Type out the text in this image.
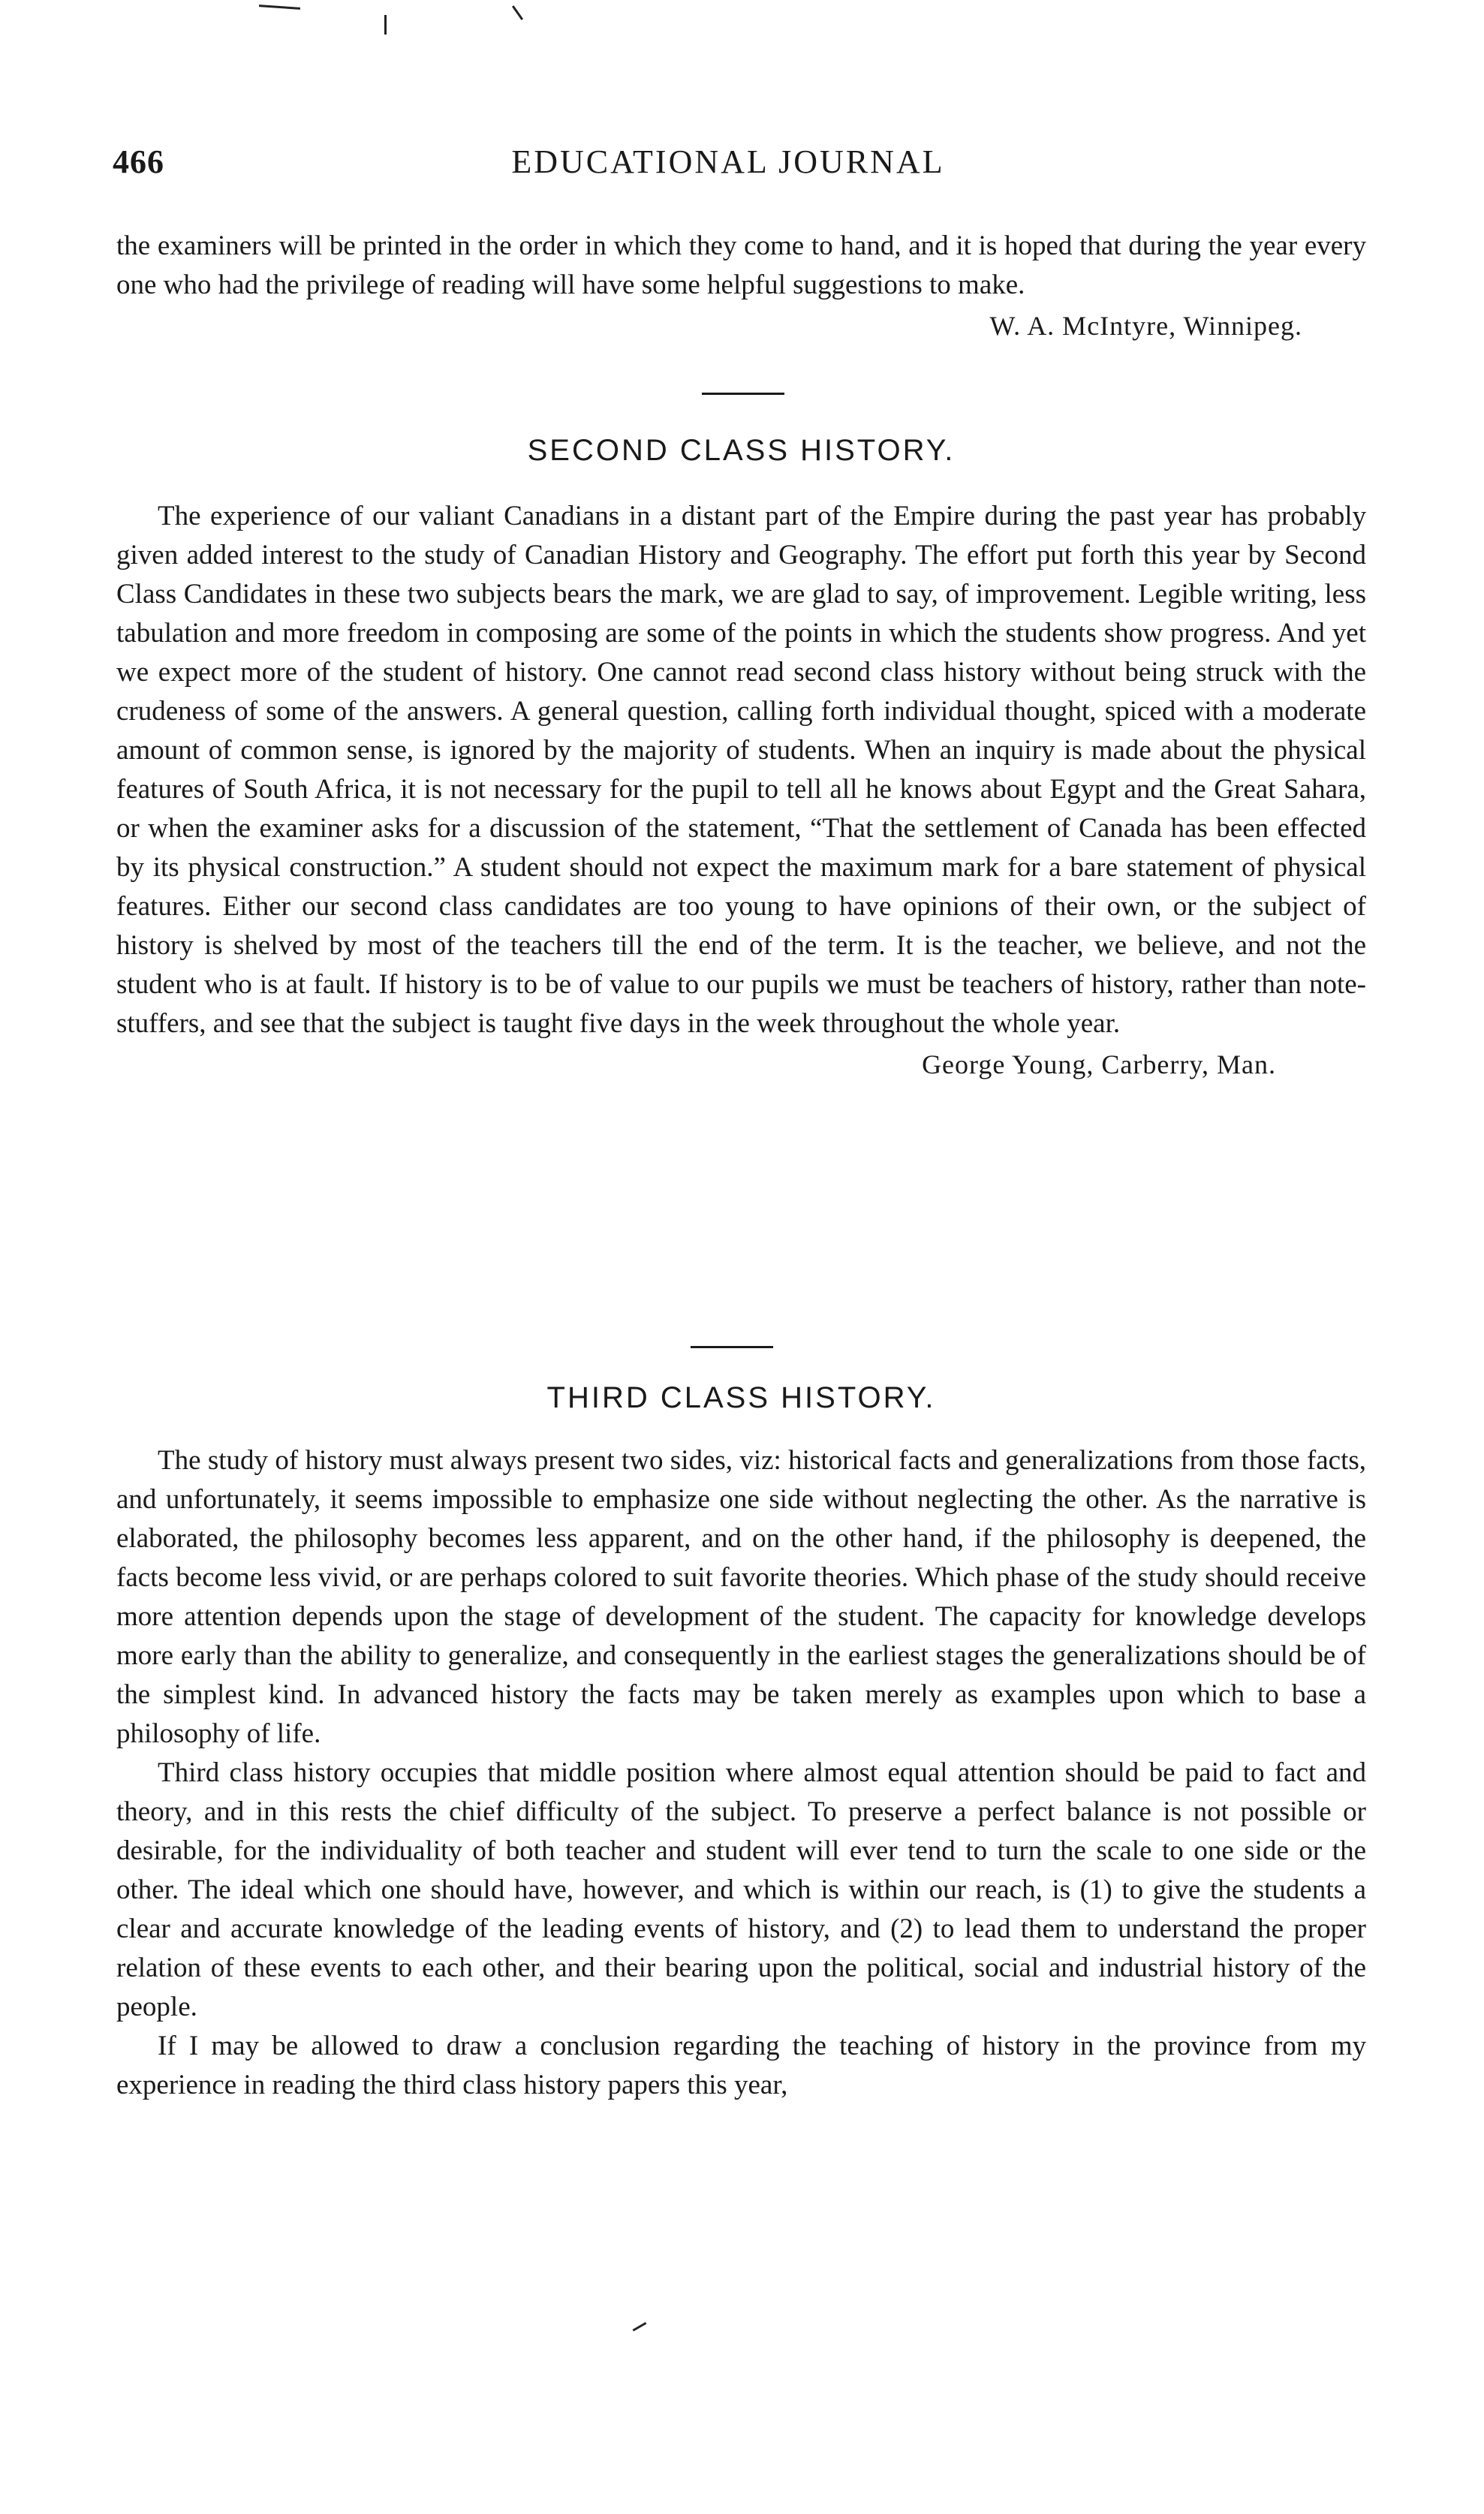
466	EDUCATIONAL JOURNAL

the examiners will be printed in the order in which they come to hand, and it is hoped that during the year every one who had the privilege of reading will have some helpful suggestions to make.

W. A. McIntyre, Winnipeg.
SECOND CLASS HISTORY.

The experience of our valiant Canadians in a distant part of the Empire during the past year has probably given added interest to the study of Canadian History and Geography. The effort put forth this year by Second Class Candidates in these two subjects bears the mark, we are glad to say, of improvement. Legible writing, less tabulation and more freedom in composing are some of the points in which the students show progress. And yet we expect more of the student of history. One cannot read second class history without being struck with the crudeness of some of the answers. A general question, calling forth individual thought, spiced with a moderate amount of common sense, is ignored by the majority of students. When an inquiry is made about the physical features of South Africa, it is not necessary for the pupil to tell all he knows about Egypt and the Great Sahara, or when the examiner asks for a discussion of the statement, “That the settlement of Canada has been effected by its physical construction.” A student should not expect the maximum mark for a bare statement of physical features. Either our second class candidates are too young to have opinions of their own, or the subject of history is shelved by most of the teachers till the end of the term. It is the teacher, we believe, and not the student who is at fault. If history is to be of value to our pupils we must be teachers of history, rather than note-stuffers, and see that the subject is taught five days in the week throughout the whole year.

George Young, Carberry, Man.
THIRD CLASS HISTORY.

The study of history must always present two sides, viz: historical facts and generalizations from those facts, and unfortunately, it seems impossible to emphasize one side without neglecting the other. As the narrative is elaborated, the philosophy becomes less apparent, and on the other hand, if the philosophy is deepened, the facts become less vivid, or are perhaps colored to suit favorite theories. Which phase of the study should receive more attention depends upon the stage of development of the student. The capacity for knowledge develops more early than the ability to generalize, and consequently in the earliest stages the generalizations should be of the simplest kind. In advanced history the facts may be taken merely as examples upon which to base a philosophy of life.

Third class history occupies that middle position where almost equal attention should be paid to fact and theory, and in this rests the chief difficulty of the subject. To preserve a perfect balance is not possible or desirable, for the individuality of both teacher and student will ever tend to turn the scale to one side or the other. The ideal which one should have, however, and which is within our reach, is (1) to give the students a clear and accurate knowledge of the leading events of history, and (2) to lead them to understand the proper relation of these events to each other, and their bearing upon the political, social and industrial history of the people.

If I may be allowed to draw a conclusion regarding the teaching of history in the province from my experience in reading the third class history papers this year,
